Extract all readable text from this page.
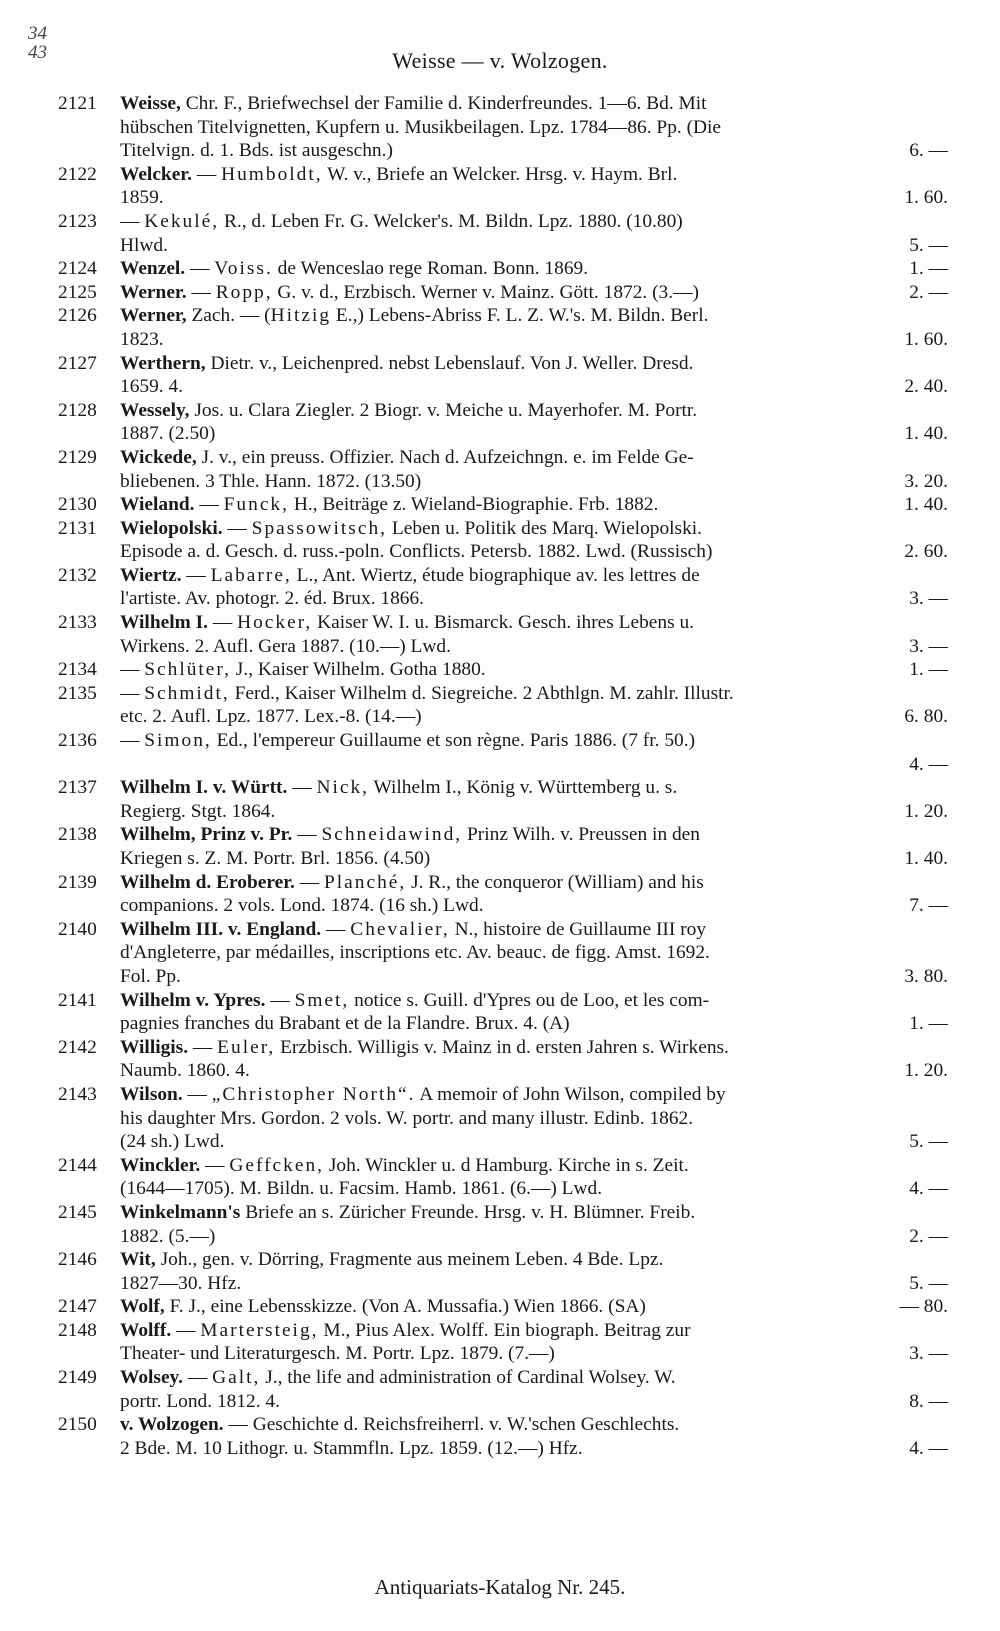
34
43	Weisse — v. Wolzogen.
2121	Weisse, Chr. F., Briefwechsel der Familie d. Kinderfreundes. 1—6. Bd. Mit
hübschen Titelvignetten, Kupfern u. Musikbeilagen. Lpz. 1784—86. Pp. (Die
Titelvign. d. 1. Bds. ist ausgeschn.)	6. —
2122	Welcker. — Humboldt, W. v., Briefe an Welcker. Hrsg. v. Haym. Brl.
1859.	1. 60.
2123	— Kekulé, R., d. Leben Fr. G. Welcker's. M. Bildn. Lpz. 1880. (10.80)
Hlwd.	5. —
2124	Wenzel. — Voiss. de Wenceslao rege Roman. Bonn. 1869.	1. —
2125	Werner. — Ropp, G. v. d., Erzbisch. Werner v. Mainz. Gött. 1872. (3.—)	2. —
2126	Werner, Zach. — (Hitzig E.,) Lebens-Abriss F. L. Z. W.'s. M. Bildn. Berl.
1823.	1. 60.
2127	Werthern, Dietr. v., Leichenpred. nebst Lebenslauf. Von J. Weller. Dresd.
1659. 4.	2. 40.
2128	Wessely, Jos. u. Clara Ziegler. 2 Biogr. v. Meiche u. Mayerhofer. M. Portr.
1887. (2.50)	1. 40.
2129	Wickede, J. v., ein preuss. Offizier. Nach d. Aufzeichngn. e. im Felde Ge-
bliebenen. 3 Thle. Hann. 1872. (13.50)	3. 20.
2130	Wieland. — Funck, H., Beiträge z. Wieland-Biographie. Frb. 1882.	1. 40.
2131	Wielopolski. — Spassowitsch, Leben u. Politik des Marq. Wielopolski.
Episode a. d. Gesch. d. russ.-poln. Conflicts. Petersb. 1882. Lwd. (Russisch)	2. 60.
2132	Wiertz. — Labarre, L., Ant. Wiertz, étude biographique av. les lettres de
l'artiste. Av. photogr. 2. éd. Brux. 1866.	3. —
2133	Wilhelm I. — Hocker, Kaiser W. I. u. Bismarck. Gesch. ihres Lebens u.
Wirkens. 2. Aufl. Gera 1887. (10.—) Lwd.	3. —
2134	— Schlüter, J., Kaiser Wilhelm. Gotha 1880.	1. —
2135	— Schmidt, Ferd., Kaiser Wilhelm d. Siegreiche. 2 Abthlgn. M. zahlr. Illustr.
etc. 2. Aufl. Lpz. 1877. Lex.-8. (14.—)	6. 80.
2136	— Simon, Ed., l'empereur Guillaume et son règne. Paris 1886. (7 fr. 50.)
4. —
2137	Wilhelm I. v. Württ. — Nick, Wilhelm I., König v. Württemberg u. s.
Regierg. Stgt. 1864.	1. 20.
2138	Wilhelm, Prinz v. Pr. — Schneidawind, Prinz Wilh. v. Preussen in den
Kriegen s. Z. M. Portr. Brl. 1856. (4.50)	1. 40.
2139	Wilhelm d. Eroberer. — Planché, J. R., the conqueror (William) and his
companions. 2 vols. Lond. 1874. (16 sh.) Lwd.	7. —
2140	Wilhelm III. v. England. — Chevalier, N., histoire de Guillaume III roy
d'Angleterre, par médailles, inscriptions etc. Av. beauc. de figg. Amst. 1692.
Fol. Pp.	3. 80.
2141	Wilhelm v. Ypres. — Smet, notice s. Guill. d'Ypres ou de Loo, et les com-
pagnies franches du Brabant et de la Flandre. Brux. 4. (A)	1. —
2142	Willigis. — Euler, Erzbisch. Willigis v. Mainz in d. ersten Jahren s. Wirkens.
Naumb. 1860. 4.	1. 20.
2143	Wilson. — „Christopher North“. A memoir of John Wilson, compiled by
his daughter Mrs. Gordon. 2 vols. W. portr. and many illustr. Edinb. 1862.
(24 sh.) Lwd.	5. —
2144	Winckler. — Geffcken, Joh. Winckler u. d Hamburg. Kirche in s. Zeit.
(1644—1705). M. Bildn. u. Facsim. Hamb. 1861. (6.—) Lwd.	4. —
2145	Winkelmann's Briefe an s. Züricher Freunde. Hrsg. v. H. Blümner. Freib.
1882. (5.—)	2. —
2146	Wit, Joh., gen. v. Dörring, Fragmente aus meinem Leben. 4 Bde. Lpz.
1827—30. Hfz.	5. —
2147	Wolf, F. J., eine Lebensskizze. (Von A. Mussafia.) Wien 1866. (SA)	— 80.
2148	Wolff. — Martersteig, M., Pius Alex. Wolff. Ein biograph. Beitrag zur
Theater- und Literaturgesch. M. Portr. Lpz. 1879. (7.—)	3. —
2149	Wolsey. — Galt, J., the life and administration of Cardinal Wolsey. W.
portr. Lond. 1812. 4.	8. —
2150	v. Wolzogen. — Geschichte d. Reichsfreiherrl. v. W.'schen Geschlechts.
2 Bde. M. 10 Lithogr. u. Stammfln. Lpz. 1859. (12.—) Hfz.	4. —
Antiquariats-Katalog Nr. 245.
